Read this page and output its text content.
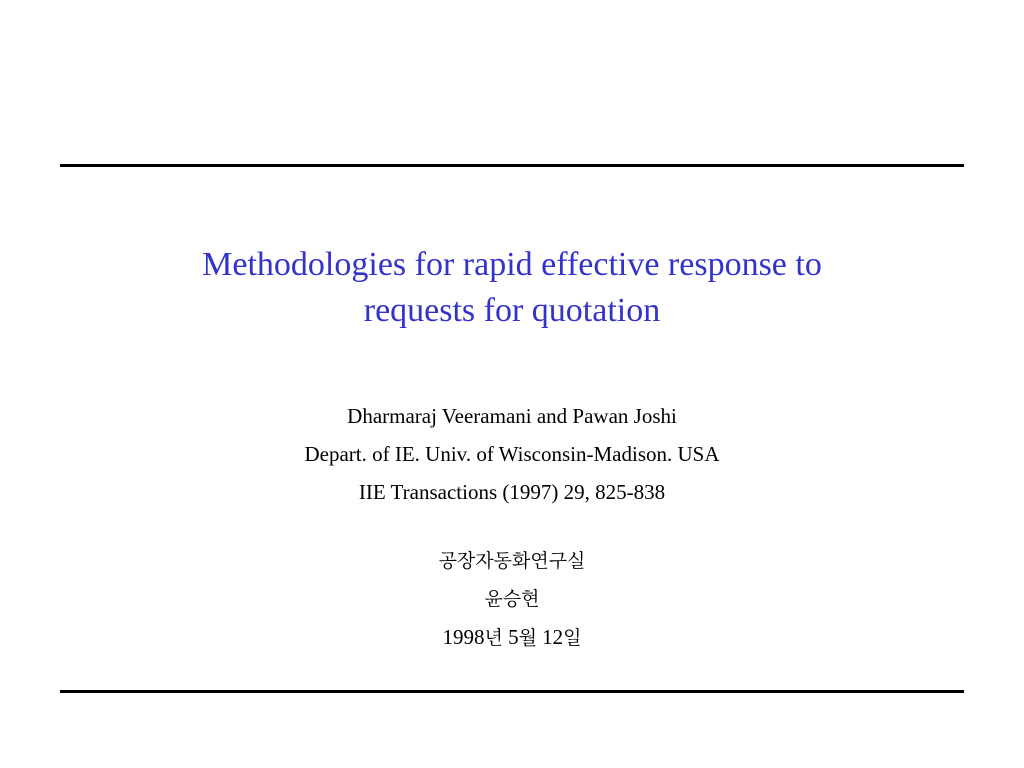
Methodologies for rapid effective response to
requests for quotation
Dharmaraj Veeramani and Pawan Joshi
Depart. of IE. Univ. of Wisconsin-Madison. USA
IIE Transactions (1997) 29, 825-838
공장자동화연구실
윤승현
1998년 5월 12일
